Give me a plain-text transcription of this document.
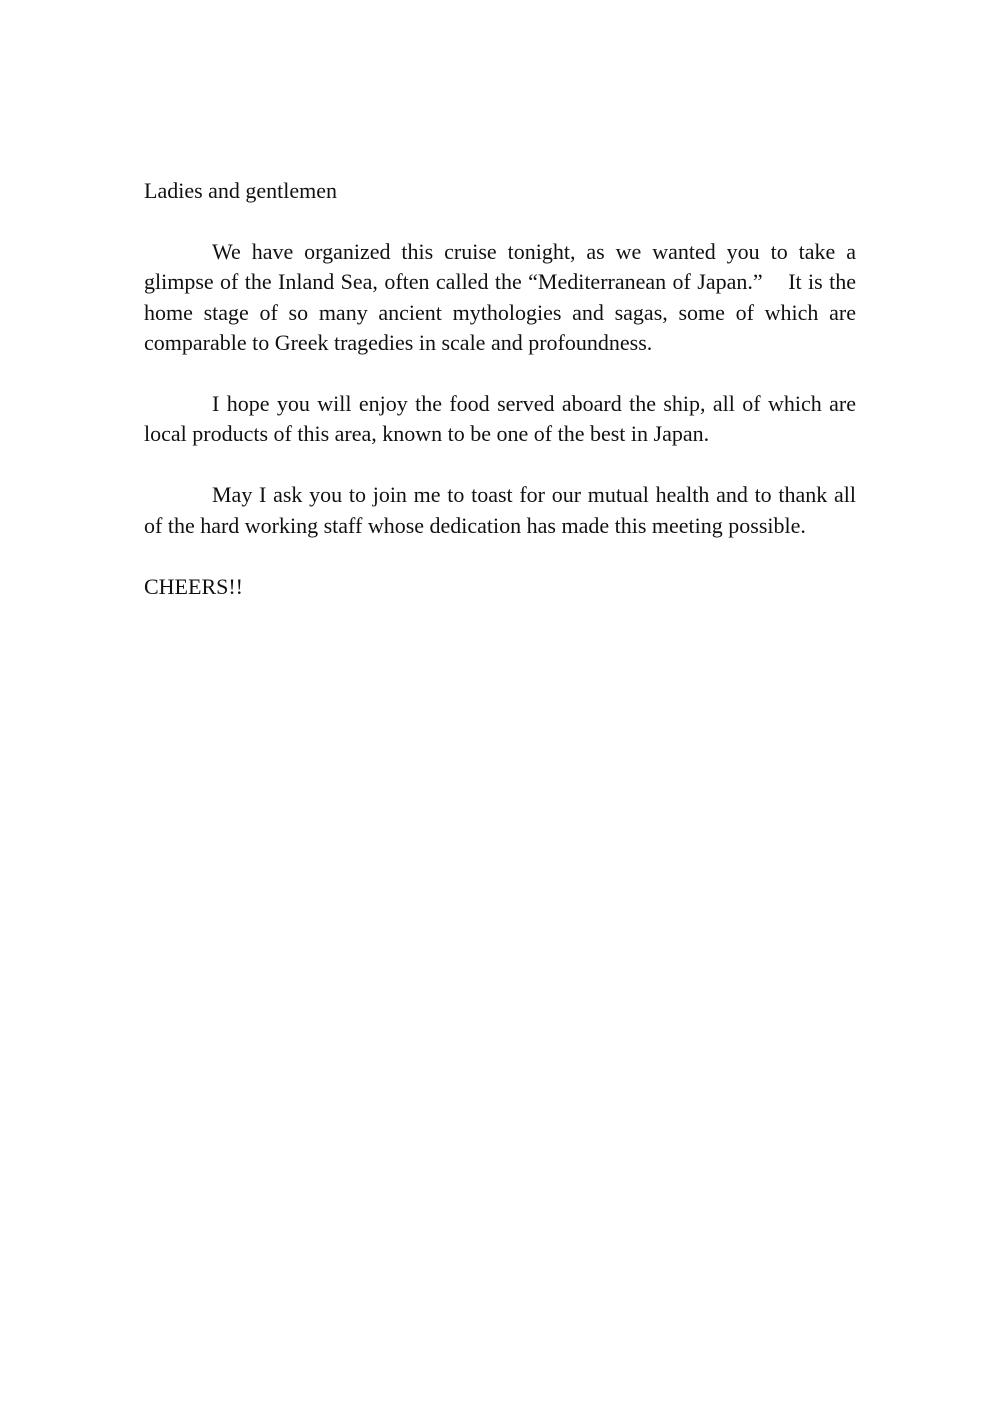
Ladies and gentlemen

We have organized this cruise tonight, as we wanted you to take a glimpse of the Inland Sea, often called the “Mediterranean of Japan.”    It is the home stage of so many ancient mythologies and sagas, some of which are comparable to Greek tragedies in scale and profoundness.

I hope you will enjoy the food served aboard the ship, all of which are local products of this area, known to be one of the best in Japan.

May I ask you to join me to toast for our mutual health and to thank all of the hard working staff whose dedication has made this meeting possible.

CHEERS!!
